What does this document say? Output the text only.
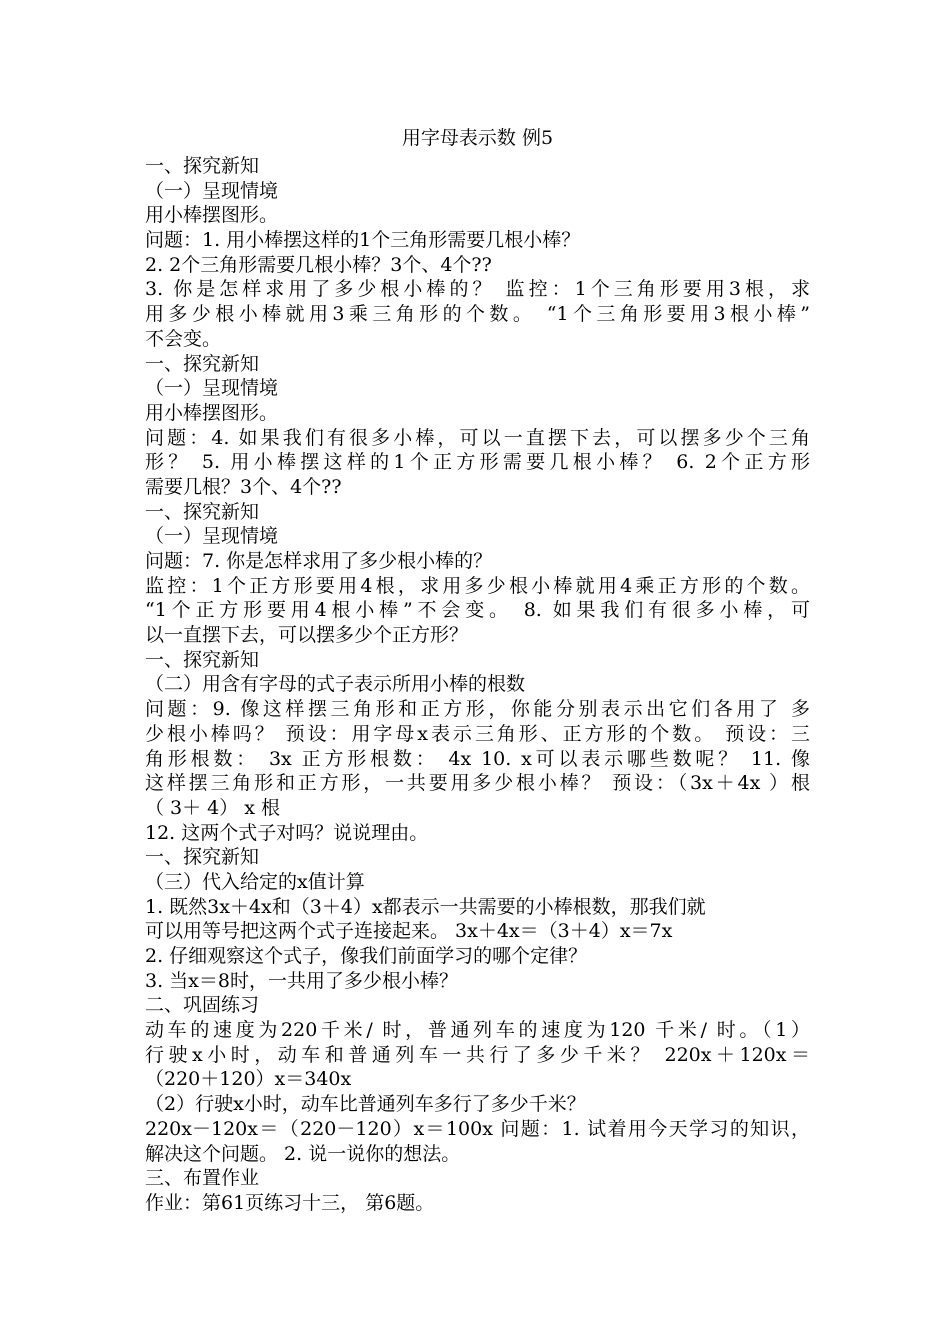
用字母表示数 例5

一、探究新知

（一）呈现情境

用小棒摆图形。

问题：1. 用小棒摆这样的1个三角形需要几根小棒？

2. 2个三角形需要几根小棒？3个、4个??

3. 你是怎样求用了多少根小棒的？ 监控：1个三角形要用3根，求

用多少根小棒就用3乘三角形的个数。 “1个三角形要用3根小棒”

不会变。

一、探究新知

（一）呈现情境

用小棒摆图形。

问题：4. 如果我们有很多小棒，可以一直摆下去，可以摆多少个三角

形？ 5. 用小棒摆这样的1个正方形需要几根小棒？ 6. 2个正方形

需要几根？3个、4个??

一、探究新知

（一）呈现情境

问题：7. 你是怎样求用了多少根小棒的？

监控：1个正方形要用4根，求用多少根小棒就用4乘正方形的个数。

“1个正方形要用4根小棒”不会变。 8. 如果我们有很多小棒，可

以一直摆下去，可以摆多少个正方形？

一、探究新知

（二）用含有字母的式子表示所用小棒的根数

问题：9. 像这样摆三角形和正方形，你能分别表示出它们各用了 多

少根小棒吗？ 预设：用字母x表示三角形、正方形的个数。 预设：三

角形根数： 3x 正方形根数： 4x 10. x可以表示哪些数呢？ 11. 像

这样摆三角形和正方形，一共要用多少根小棒？ 预设：（3x＋4x ）根

（ 3＋ 4） x 根

12. 这两个式子对吗？说说理由。

一、探究新知

（三）代入给定的x值计算

1. 既然3x＋4x和（3＋4）x都表示一共需要的小棒根数，那我们就

可以用等号把这两个式子连接起来。 3x＋4x＝（3＋4）x＝7x

2. 仔细观察这个式子，像我们前面学习的哪个定律？

3. 当x＝8时，一共用了多少根小棒？

二、巩固练习

动车的速度为220千米/ 时，普通列车的速度为120 千米/ 时。（1）

行驶x小时，动车和普通列车一共行了多少千米？ 220x＋120x＝

（220＋120）x＝340x

（2）行驶x小时，动车比普通列车多行了多少千米？

220x－120x＝（220－120）x＝100x 问题：1. 试着用今天学习的知识，

解决这个问题。 2. 说一说你的想法。

三、布置作业

作业：第61页练习十三， 第6题。
